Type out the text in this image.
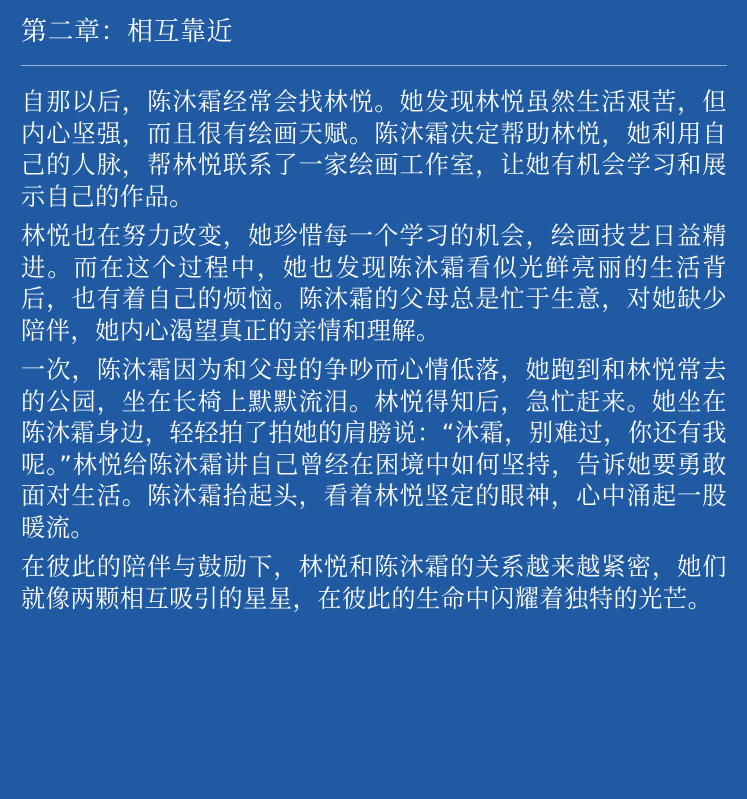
第二章：相互靠近

自那以后，陈沐霜经常会找林悦。她发现林悦虽然生活艰苦，但内心坚强，而且很有绘画天赋。陈沐霜决定帮助林悦，她利用自己的人脉，帮林悦联系了一家绘画工作室，让她有机会学习和展示自己的作品。

林悦也在努力改变，她珍惜每一个学习的机会，绘画技艺日益精进。而在这个过程中，她也发现陈沐霜看似光鲜亮丽的生活背后，也有着自己的烦恼。陈沐霜的父母总是忙于生意，对她缺少陪伴，她内心渴望真正的亲情和理解。

一次，陈沐霜因为和父母的争吵而心情低落，她跑到和林悦常去的公园，坐在长椅上默默流泪。林悦得知后，急忙赶来。她坐在陈沐霜身边，轻轻拍了拍她的肩膀说：“沐霜，别难过，你还有我呢。”林悦给陈沐霜讲自己曾经在困境中如何坚持，告诉她要勇敢面对生活。陈沐霜抬起头，看着林悦坚定的眼神，心中涌起一股暖流。

在彼此的陪伴与鼓励下，林悦和陈沐霜的关系越来越紧密，她们就像两颗相互吸引的星星，在彼此的生命中闪耀着独特的光芒。
